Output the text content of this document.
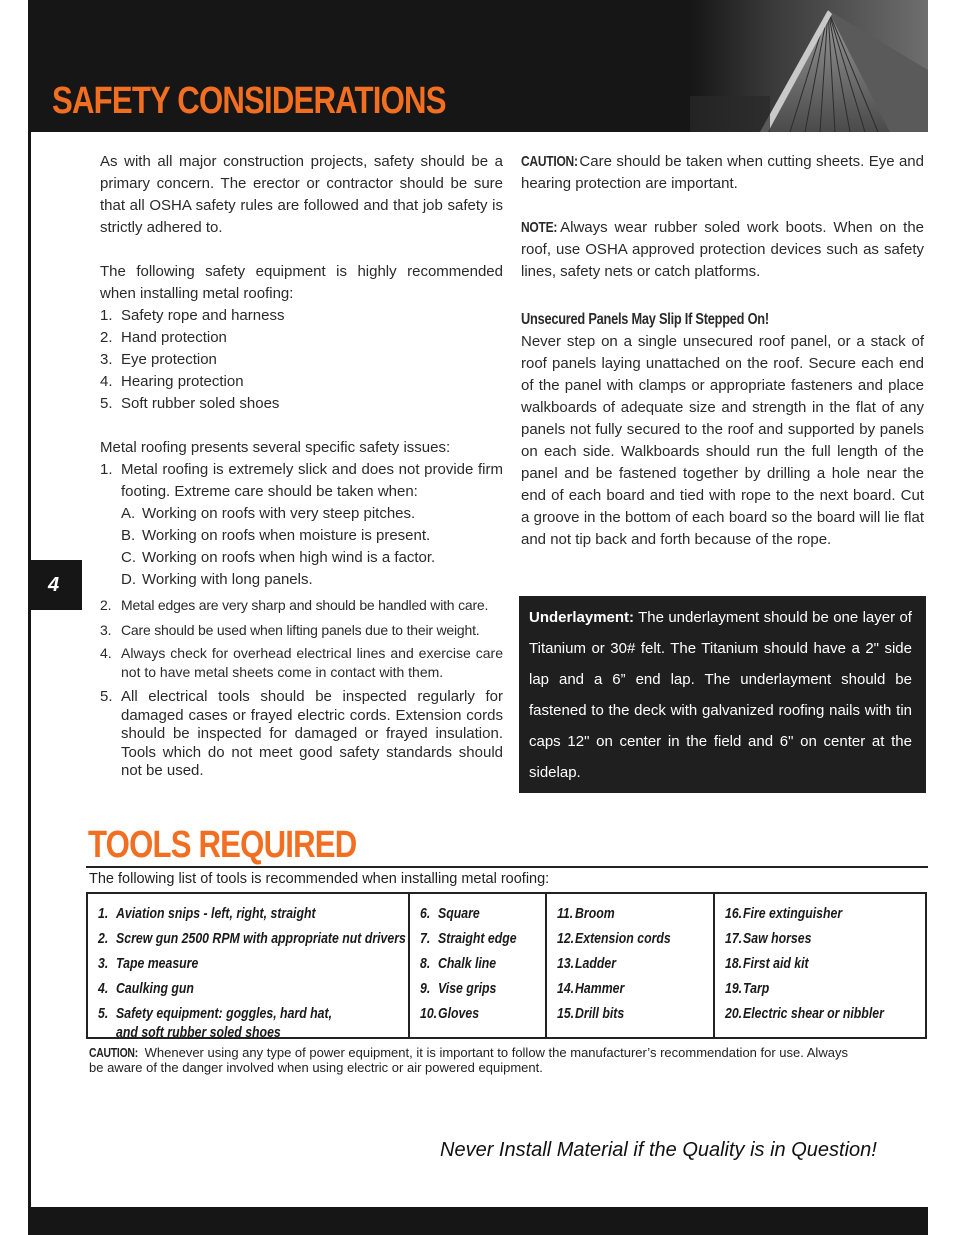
SAFETY CONSIDERATIONS
4

As with all major construction projects, safety should be a primary concern. The erector or contractor should be sure that all OSHA safety rules are followed and that job safety is strictly adhered to.

The following safety equipment is highly recommended when installing metal roofing:

1. Safety rope and harness
2. Hand protection
3. Eye protection
4. Hearing protection
5. Soft rubber soled shoes

Metal roofing presents several specific safety issues:

1. Metal roofing is extremely slick and does not provide firm footing. Extreme care should be taken when:
A. Working on roofs with very steep pitches.
B. Working on roofs when moisture is present.
C. Working on roofs when high wind is a factor.
D. Working with long panels.
2. Metal edges are very sharp and should be handled with care.
3. Care should be used when lifting panels due to their weight.
4. Always check for overhead electrical lines and exercise care not to have metal sheets come in contact with them.
5. All electrical tools should be inspected regularly for damaged cases or frayed electric cords. Extension cords should be inspected for damaged or frayed insulation. Tools which do not meet good safety standards should not be used.

CAUTION: Care should be taken when cutting sheets. Eye and hearing protection are important.

NOTE: Always wear rubber soled work boots. When on the roof, use OSHA approved protection devices such as safety lines, safety nets or catch platforms.

Unsecured Panels May Slip If Stepped On!

Never step on a single unsecured roof panel, or a stack of roof panels laying unattached on the roof. Secure each end of the panel with clamps or appropriate fasteners and place walkboards of adequate size and strength in the flat of any panels not fully secured to the roof and supported by panels on each side. Walkboards should run the full length of the panel and be fastened together by drilling a hole near the end of each board and tied with rope to the next board. Cut a groove in the bottom of each board so the board will lie flat and not tip back and forth because of the rope.

Underlayment: The underlayment should be one layer of Titanium or 30# felt. The Titanium should have a 2" side lap and a 6” end lap. The underlayment should be fastened to the deck with galvanized roofing nails with tin caps 12" on center in the field and 6" on center at the sidelap.
TOOLS REQUIRED
The following list of tools is recommended when installing metal roofing:
1. Aviation snips - left, right, straight
2. Screw gun 2500 RPM with appropriate nut drivers
3. Tape measure
4. Caulking gun
5. Safety equipment: goggles, hard hat,
and soft rubber soled shoes
6. Square
7. Straight edge
8. Chalk line
9. Vise grips
10.Gloves
11. Broom
12.Extension cords
13.Ladder
14.Hammer
15.Drill bits
16.Fire extinguisher
17.Saw horses
18.First aid kit
19.Tarp
20.Electric shear or nibbler
CAUTION: Whenever using any type of power equipment, it is important to follow the manufacturer’s recommendation for use. Always be aware of the danger involved when using electric or air powered equipment.
Never Install Material if the Quality is in Question!
